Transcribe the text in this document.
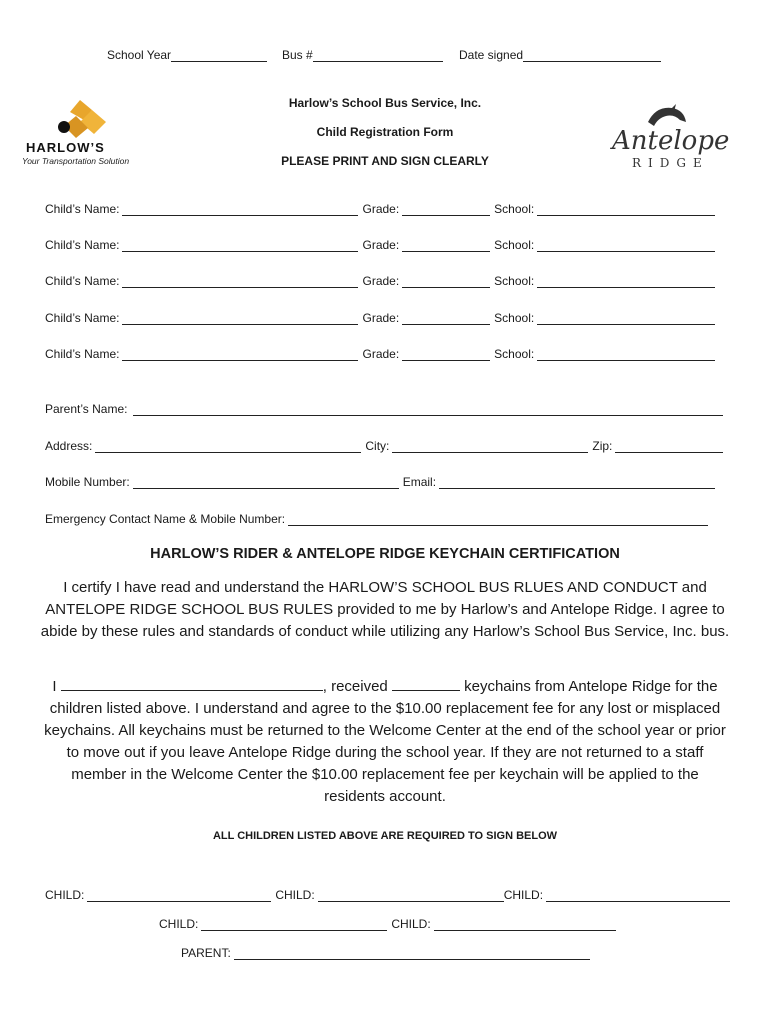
School Year	Bus #	Date signed
HARLOW’S
Your Transportation Solution
Harlow’s School Bus Service, Inc.
Child Registration Form
PLEASE PRINT AND SIGN CLEARLY
Antelope
RIDGE
Child’s Name:	Grade:	School:
Child’s Name:	Grade:	School:
Child’s Name:	Grade:	School:
Child’s Name:	Grade:	School:
Child’s Name:	Grade:	School:
Parent’s Name:
Address:	City:	Zip:
Mobile Number:	Email:
Emergency Contact Name & Mobile Number:
HARLOW’S RIDER & ANTELOPE RIDGE KEYCHAIN CERTIFICATION
I certify I have read and understand the HARLOW’S SCHOOL BUS RLUES AND CONDUCT and ANTELOPE RIDGE SCHOOL BUS RULES provided to me by Harlow’s and Antelope Ridge. I agree to abide by these rules and standards of conduct while utilizing any Harlow’s School Bus Service, Inc. bus.
I	, received	keychains from Antelope Ridge for the children listed above. I understand and agree to the $10.00 replacement fee for any lost or misplaced keychains. All keychains must be returned to the Welcome Center at the end of the school year or prior to move out if you leave Antelope Ridge during the school year. If they are not returned to a staff member in the Welcome Center the $10.00 replacement fee per keychain will be applied to the residents account.
ALL CHILDREN LISTED ABOVE ARE REQUIRED TO SIGN BELOW
CHILD:	CHILD:	CHILD:
CHILD:	CHILD:
PARENT:
